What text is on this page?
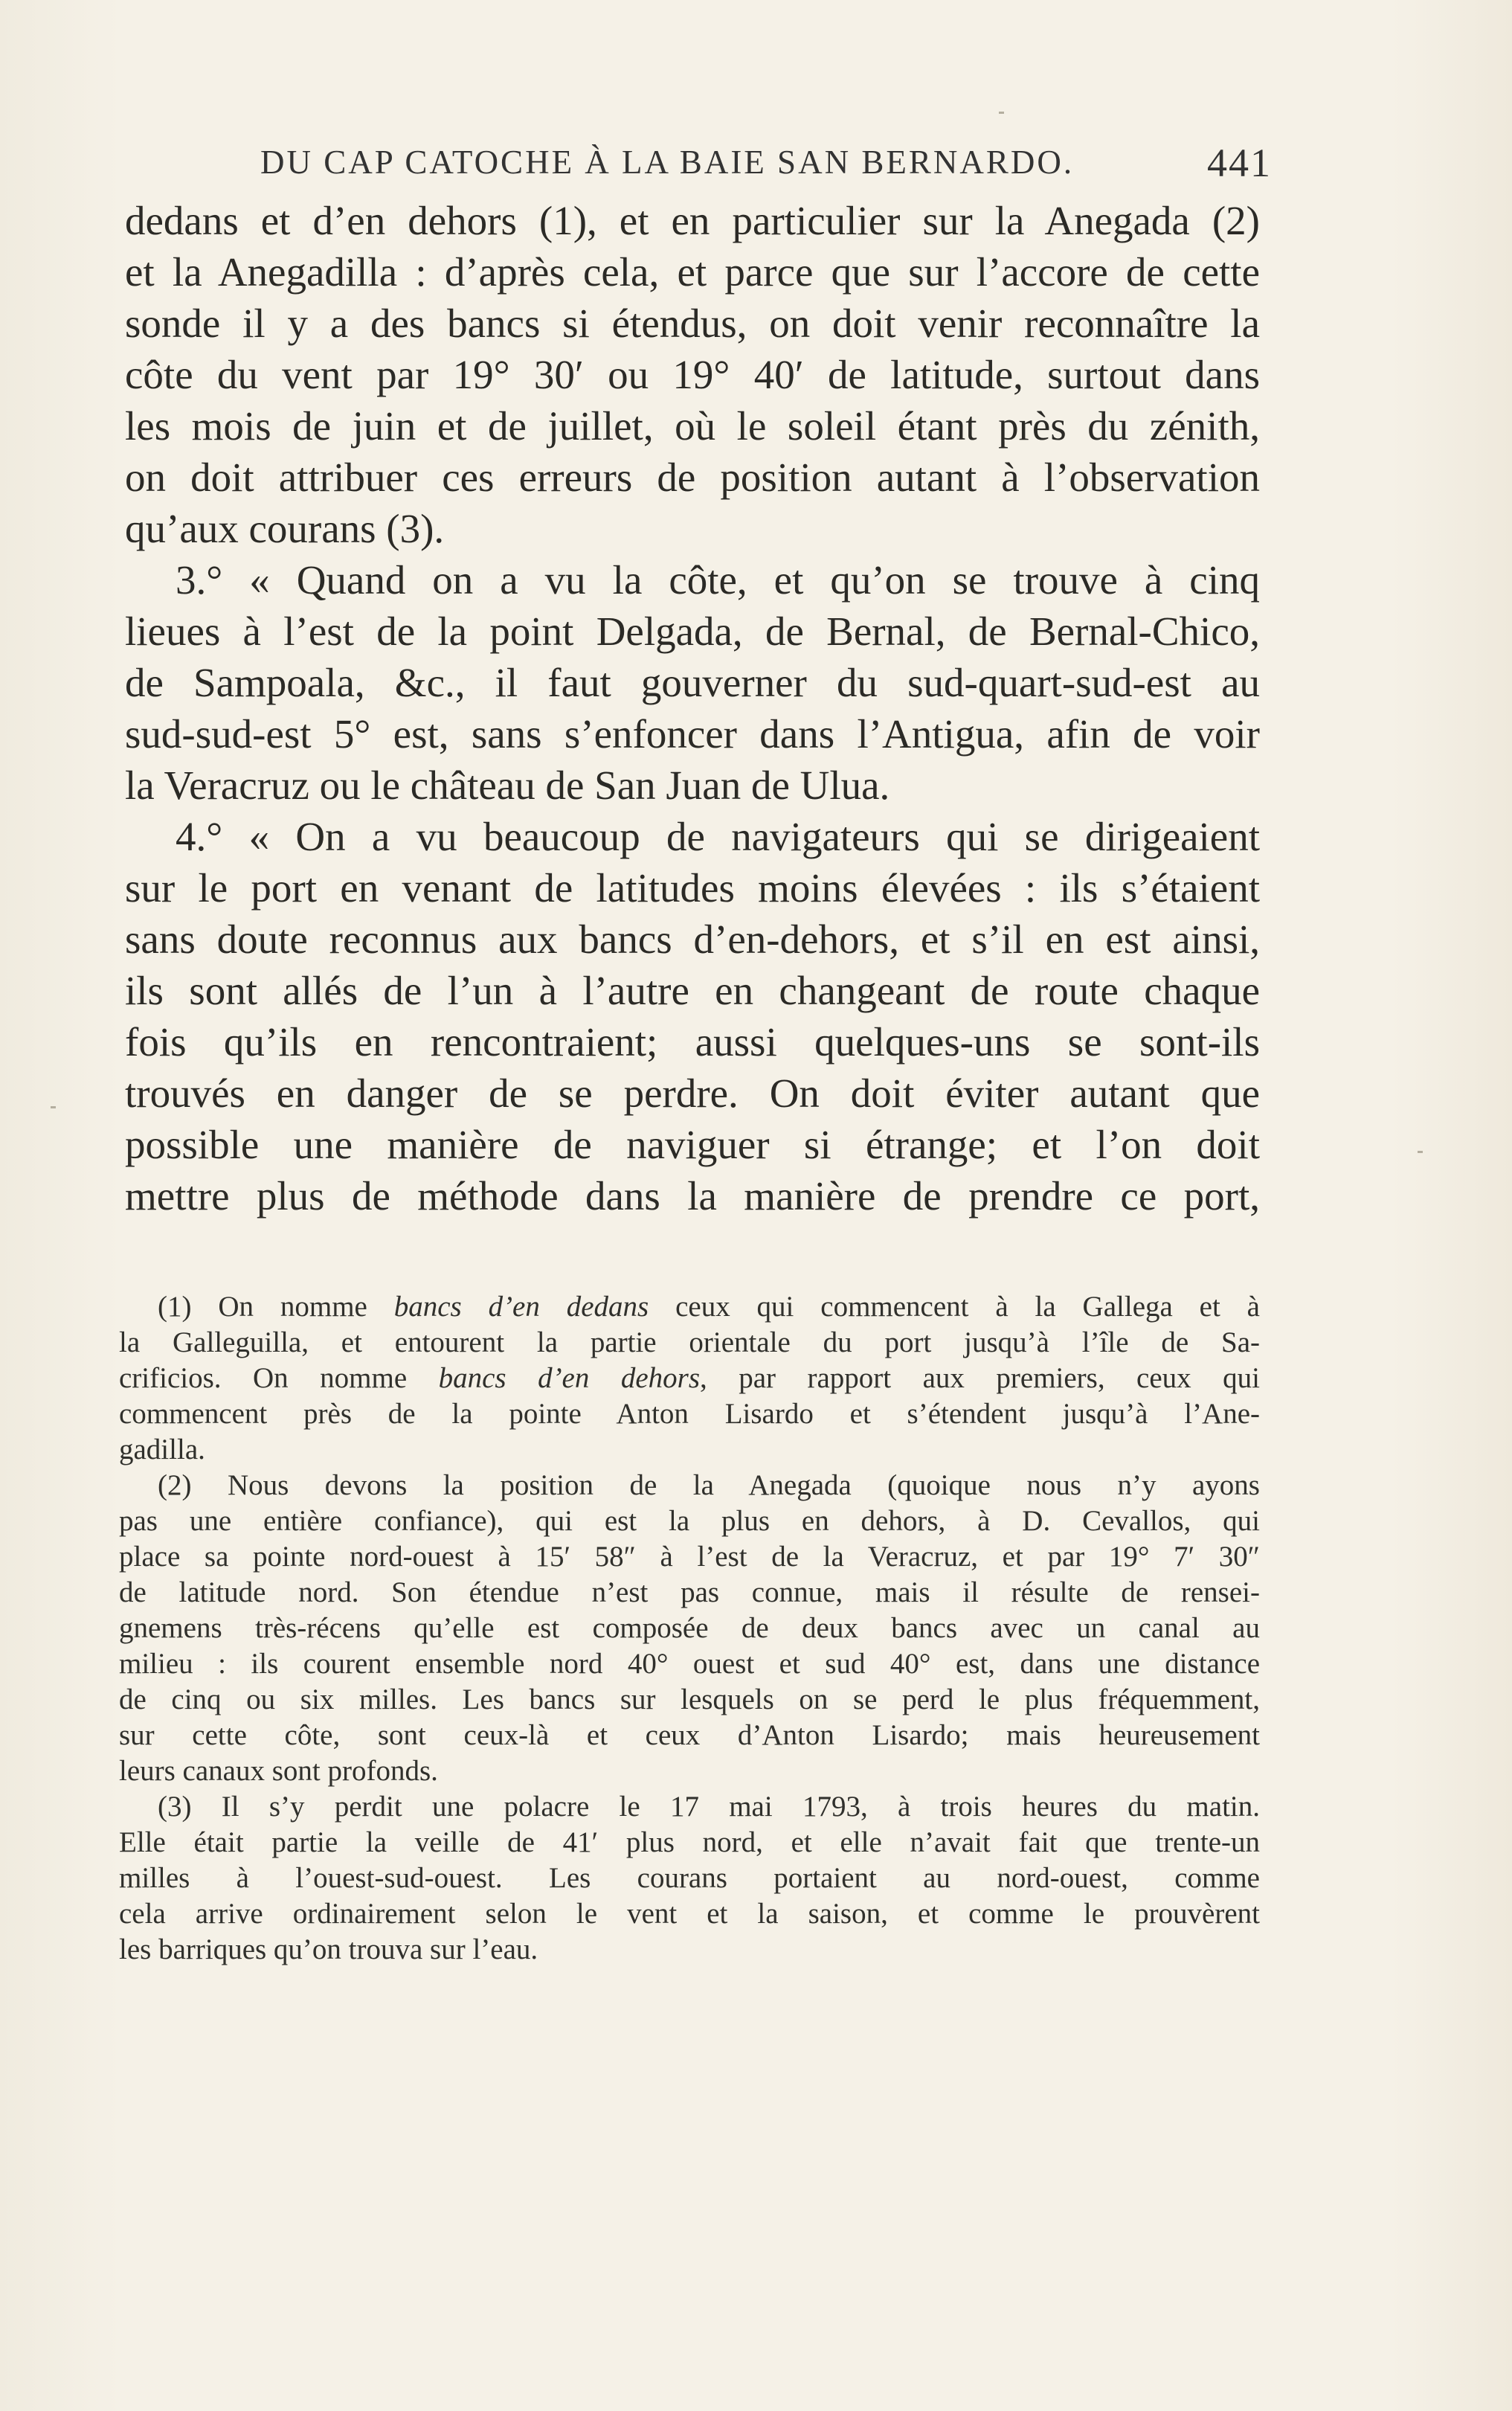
DU CAP CATOCHE À LA BAIE SAN BERNARDO.	441
dedans et d’en dehors (1), et en particulier sur la Anegada (2)
et la Anegadilla : d’après cela, et parce que sur l’accore de cette
sonde il y a des bancs si étendus, on doit venir reconnaître la
côte du vent par 19° 30′ ou 19° 40′ de latitude, surtout dans
les mois de juin et de juillet, où le soleil étant près du zénith,
on doit attribuer ces erreurs de position autant à l’observation
qu’aux courans (3).
3.° « Quand on a vu la côte, et qu’on se trouve à cinq
lieues à l’est de la point Delgada, de Bernal, de Bernal-Chico,
de Sampoala, &c., il faut gouverner du sud-quart-sud-est au
sud-sud-est 5° est, sans s’enfoncer dans l’Antigua, afin de voir
la Veracruz ou le château de San Juan de Ulua.
4.° « On a vu beaucoup de navigateurs qui se dirigeaient
sur le port en venant de latitudes moins élevées : ils s’étaient
sans doute reconnus aux bancs d’en-dehors, et s’il en est ainsi,
ils sont allés de l’un à l’autre en changeant de route chaque
fois qu’ils en rencontraient; aussi quelques-uns se sont-ils
trouvés en danger de se perdre. On doit éviter autant que
possible une manière de naviguer si étrange; et l’on doit
mettre plus de méthode dans la manière de prendre ce port,
(1) On nomme bancs d’en dedans ceux qui commencent à la Gallega et à
la Galleguilla, et entourent la partie orientale du port jusqu’à l’île de Sa-
crificios. On nomme bancs d’en dehors, par rapport aux premiers, ceux qui
commencent près de la pointe Anton Lisardo et s’étendent jusqu’à l’Ane-
gadilla.
(2) Nous devons la position de la Anegada (quoique nous n’y ayons
pas une entière confiance), qui est la plus en dehors, à D. Cevallos, qui
place sa pointe nord-ouest à 15′ 58″ à l’est de la Veracruz, et par 19° 7′ 30″
de latitude nord. Son étendue n’est pas connue, mais il résulte de rensei-
gnemens très-récens qu’elle est composée de deux bancs avec un canal au
milieu : ils courent ensemble nord 40° ouest et sud 40° est, dans une distance
de cinq ou six milles. Les bancs sur lesquels on se perd le plus fréquemment,
sur cette côte, sont ceux-là et ceux d’Anton Lisardo; mais heureusement
leurs canaux sont profonds.
(3) Il s’y perdit une polacre le 17 mai 1793, à trois heures du matin.
Elle était partie la veille de 41′ plus nord, et elle n’avait fait que trente-un
milles à l’ouest-sud-ouest. Les courans portaient au nord-ouest, comme
cela arrive ordinairement selon le vent et la saison, et comme le prouvèrent
les barriques qu’on trouva sur l’eau.
